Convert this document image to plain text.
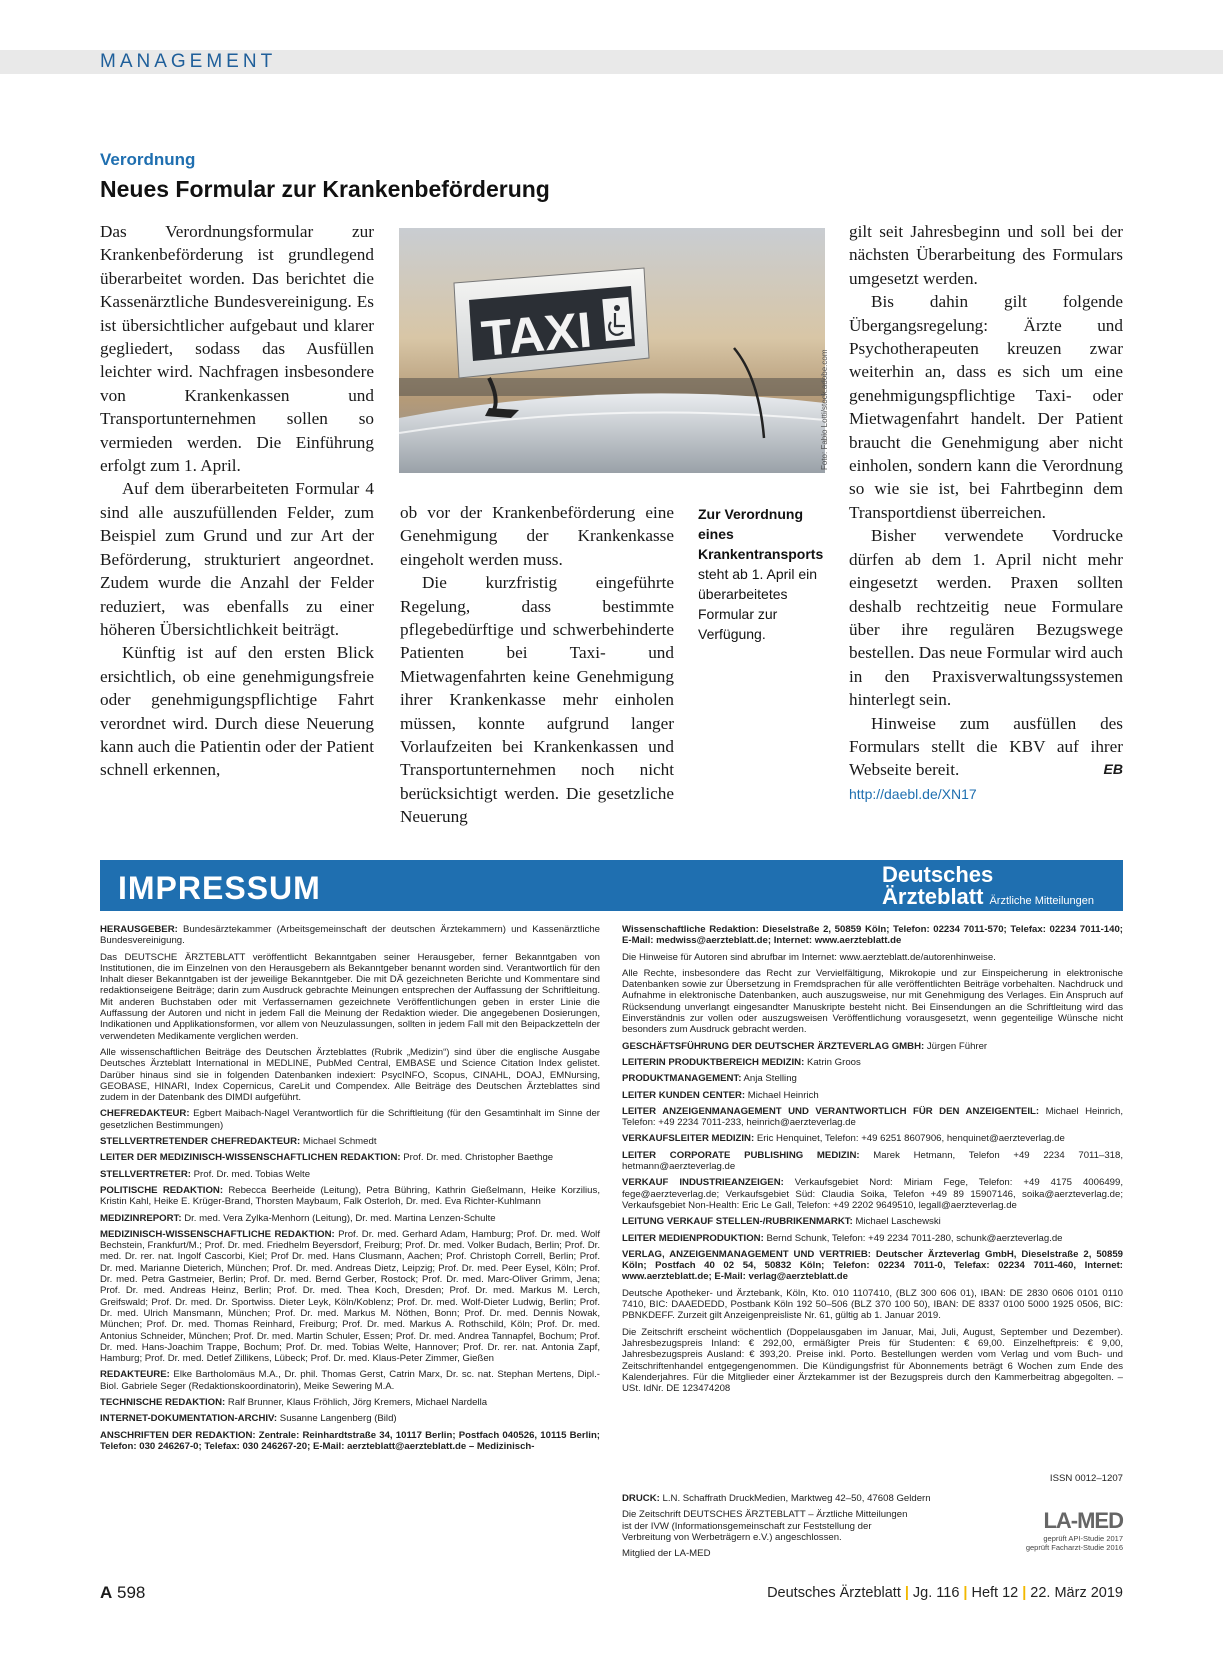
MANAGEMENT
Verordnung
Neues Formular zur Krankenbeförderung

Das Verordnungsformular zur Krankenbeförderung ist grundlegend überarbeitet worden. Das berichtet die Kassenärztliche Bundesvereinigung. Es ist übersichtlicher aufgebaut und klarer gegliedert, sodass das Ausfüllen leichter wird. Nachfragen insbesondere von Krankenkassen und Transportunternehmen sollen so vermieden werden. Die Einführung erfolgt zum 1. April.

Auf dem überarbeiteten Formular 4 sind alle auszufüllenden Felder, zum Beispiel zum Grund und zur Art der Beförderung, strukturiert angeordnet. Zudem wurde die Anzahl der Felder reduziert, was ebenfalls zu einer höheren Übersichtlichkeit beiträgt.

Künftig ist auf den ersten Blick ersichtlich, ob eine genehmigungsfreie oder genehmigungspflichtige Fahrt verordnet wird. Durch diese Neuerung kann auch die Patientin oder der Patient schnell erkennen,

TAXI
Foto: Fabio Lotti/stock.adobe.com

ob vor der Krankenbeförderung eine Genehmigung der Krankenkasse eingeholt werden muss.

Die kurzfristig eingeführte Regelung, dass bestimmte pflegebedürftige und schwerbehinderte Patienten bei Taxi- und Mietwagenfahrten keine Genehmigung ihrer Krankenkasse mehr einholen müssen, konnte aufgrund langer Vorlaufzeiten bei Krankenkassen und Transportunternehmen noch nicht berücksichtigt werden. Die gesetzliche Neuerung

Zur Verordnung eines Krankentransports steht ab 1. April ein überarbeitetes Formular zur Verfügung.

gilt seit Jahresbeginn und soll bei der nächsten Überarbeitung des Formulars umgesetzt werden.

Bis dahin gilt folgende Übergangsregelung: Ärzte und Psychotherapeuten kreuzen zwar weiterhin an, dass es sich um eine genehmigungspflichtige Taxi- oder Mietwagenfahrt handelt. Der Patient braucht die Genehmigung aber nicht einholen, sondern kann die Verordnung so wie sie ist, bei Fahrtbeginn dem Transportdienst überreichen.

Bisher verwendete Vordrucke dürfen ab dem 1. April nicht mehr eingesetzt werden. Praxen sollten deshalb rechtzeitig neue Formulare über ihre regulären Bezugswege bestellen. Das neue Formular wird auch in den Praxisverwaltungssystemen hinterlegt sein.

Hinweise zum ausfüllen des Formulars stellt die KBV auf ihrer Webseite bereit.	EB

http://daebl.de/XN17

IMPRESSUM	Deutsches
Ärzteblatt Ärztliche Mitteilungen

HERAUSGEBER: Bundesärztekammer (Arbeitsgemeinschaft der deutschen Ärztekammern) und Kassenärztliche Bundesvereinigung.

Das DEUTSCHE ÄRZTEBLATT veröffentlicht Bekanntgaben seiner Herausgeber, ferner Bekanntgaben von Institutionen, die im Einzelnen von den Herausgebern als Bekanntgeber benannt worden sind. Verantwortlich für den Inhalt dieser Bekanntgaben ist der jeweilige Bekanntgeber. Die mit DÄ gezeichneten Berichte und Kommentare sind redaktionseigene Beiträge; darin zum Ausdruck gebrachte Meinungen entsprechen der Auffassung der Schriftleitung. Mit anderen Buchstaben oder mit Verfassernamen gezeichnete Veröffentlichungen geben in erster Linie die Auffassung der Autoren und nicht in jedem Fall die Meinung der Redaktion wieder. Die angegebenen Dosierungen, Indikationen und Applikationsformen, vor allem von Neuzulassungen, sollten in jedem Fall mit den Beipackzetteln der verwendeten Medikamente verglichen werden.

Alle wissenschaftlichen Beiträge des Deutschen Ärzteblattes (Rubrik „Medizin“) sind über die englische Ausgabe Deutsches Ärzteblatt International in MEDLINE, PubMed Central, EMBASE und Science Citation Index gelistet. Darüber hinaus sind sie in folgenden Datenbanken indexiert: PsycINFO, Scopus, CINAHL, DOAJ, EMNursing, GEOBASE, HINARI, Index Copernicus, CareLit und Compendex. Alle Beiträge des Deutschen Ärzteblattes sind zudem in der Datenbank des DIMDI aufgeführt.

CHEFREDAKTEUR: Egbert Maibach-Nagel Verantwortlich für die Schriftleitung (für den Gesamtinhalt im Sinne der gesetzlichen Bestimmungen)

STELLVERTRETENDER CHEFREDAKTEUR: Michael Schmedt

LEITER DER MEDIZINISCH-WISSENSCHAFTLICHEN REDAKTION: Prof. Dr. med. Christopher Baethge

STELLVERTRETER: Prof. Dr. med. Tobias Welte

POLITISCHE REDAKTION: Rebecca Beerheide (Leitung), Petra Bühring, Kathrin Gießelmann, Heike Korzilius, Kristin Kahl, Heike E. Krüger-Brand, Thorsten Maybaum, Falk Osterloh, Dr. med. Eva Richter-Kuhlmann

MEDIZINREPORT: Dr. med. Vera Zylka-Menhorn (Leitung), Dr. med. Martina Lenzen-Schulte

MEDIZINISCH-WISSENSCHAFTLICHE REDAKTION: Prof. Dr. med. Gerhard Adam, Hamburg; Prof. Dr. med. Wolf Bechstein, Frankfurt/M.; Prof. Dr. med. Friedhelm Beyersdorf, Freiburg; Prof. Dr. med. Volker Budach, Berlin; Prof. Dr. med. Dr. rer. nat. Ingolf Cascorbi, Kiel; Prof Dr. med. Hans Clusmann, Aachen; Prof. Christoph Correll, Berlin; Prof. Dr. med. Marianne Dieterich, München; Prof. Dr. med. Andreas Dietz, Leipzig; Prof. Dr. med. Peer Eysel, Köln; Prof. Dr. med. Petra Gastmeier, Berlin; Prof. Dr. med. Bernd Gerber, Rostock; Prof. Dr. med. Marc-Oliver Grimm, Jena; Prof. Dr. med. Andreas Heinz, Berlin; Prof. Dr. med. Thea Koch, Dresden; Prof. Dr. med. Markus M. Lerch, Greifswald; Prof. Dr. med. Dr. Sportwiss. Dieter Leyk, Köln/Koblenz; Prof. Dr. med. Wolf-Dieter Ludwig, Berlin; Prof. Dr. med. Ulrich Mansmann, München; Prof. Dr. med. Markus M. Nöthen, Bonn; Prof. Dr. med. Dennis Nowak, München; Prof. Dr. med. Thomas Reinhard, Freiburg; Prof. Dr. med. Markus A. Rothschild, Köln; Prof. Dr. med. Antonius Schneider, München; Prof. Dr. med. Martin Schuler, Essen; Prof. Dr. med. Andrea Tannapfel, Bochum; Prof. Dr. med. Hans-Joachim Trappe, Bochum; Prof. Dr. med. Tobias Welte, Hannover; Prof. Dr. rer. nat. Antonia Zapf, Hamburg; Prof. Dr. med. Detlef Zillikens, Lübeck; Prof. Dr. med. Klaus-Peter Zimmer, Gießen

REDAKTEURE: Elke Bartholomäus M.A., Dr. phil. Thomas Gerst, Catrin Marx, Dr. sc. nat. Stephan Mertens, Dipl.-Biol. Gabriele Seger (Redaktionskoordinatorin), Meike Sewering M.A.

TECHNISCHE REDAKTION: Ralf Brunner, Klaus Fröhlich, Jörg Kremers, Michael Nardella

INTERNET-DOKUMENTATION-ARCHIV: Susanne Langenberg (Bild)

ANSCHRIFTEN DER REDAKTION: Zentrale: Reinhardtstraße 34, 10117 Berlin; Postfach 040526, 10115 Berlin; Telefon: 030 246267-0; Telefax: 030 246267-20; E-Mail: aerzteblatt@aerzteblatt.de – Medizinisch-

Wissenschaftliche Redaktion: Dieselstraße 2, 50859 Köln; Telefon: 02234 7011-570; Telefax: 02234 7011-140; E-Mail: medwiss@aerzteblatt.de; Internet: www.aerzteblatt.de

Die Hinweise für Autoren sind abrufbar im Internet: www.aerzteblatt.de/autorenhinweise.

Alle Rechte, insbesondere das Recht zur Vervielfältigung, Mikrokopie und zur Einspeicherung in elektronische Datenbanken sowie zur Übersetzung in Fremdsprachen für alle veröffentlichten Beiträge vorbehalten. Nachdruck und Aufnahme in elektronische Datenbanken, auch auszugsweise, nur mit Genehmigung des Verlages. Ein Anspruch auf Rücksendung unverlangt eingesandter Manuskripte besteht nicht. Bei Einsendungen an die Schriftleitung wird das Einverständnis zur vollen oder auszugsweisen Veröffentlichung vorausgesetzt, wenn gegenteilige Wünsche nicht besonders zum Ausdruck gebracht werden.

GESCHÄFTSFÜHRUNG DER DEUTSCHER ÄRZTEVERLAG GMBH: Jürgen Führer

LEITERIN PRODUKTBEREICH MEDIZIN: Katrin Groos

PRODUKTMANAGEMENT: Anja Stelling

LEITER KUNDEN CENTER: Michael Heinrich

LEITER ANZEIGENMANAGEMENT UND VERANTWORTLICH FÜR DEN ANZEIGENTEIL: Michael Heinrich, Telefon: +49 2234 7011-233, heinrich@aerzteverlag.de

VERKAUFSLEITER MEDIZIN: Eric Henquinet, Telefon: +49 6251 8607906, henquinet@aerzteverlag.de

LEITER CORPORATE PUBLISHING MEDIZIN: Marek Hetmann, Telefon +49 2234 7011–318, hetmann@aerzteverlag.de

VERKAUF INDUSTRIEANZEIGEN: Verkaufsgebiet Nord: Miriam Fege, Telefon: +49 4175 4006499, fege@aerzteverlag.de; Verkaufsgebiet Süd: Claudia Soika, Telefon +49 89 15907146, soika@aerzteverlag.de; Verkaufsgebiet Non-Health: Eric Le Gall, Telefon: +49 2202 9649510, legall@aerzteverlag.de

LEITUNG VERKAUF STELLEN-/RUBRIKENMARKT: Michael Laschewski

LEITER MEDIENPRODUKTION: Bernd Schunk, Telefon: +49 2234 7011-280, schunk@aerzteverlag.de

VERLAG, ANZEIGENMANAGEMENT UND VERTRIEB: Deutscher Ärzteverlag GmbH, Dieselstraße 2, 50859 Köln; Postfach 40 02 54, 50832 Köln; Telefon: 02234 7011-0, Telefax: 02234 7011-460, Internet: www.aerzteblatt.de; E-Mail: verlag@aerzteblatt.de

Deutsche Apotheker- und Ärztebank, Köln, Kto. 010 1107410, (BLZ 300 606 01), IBAN: DE 2830 0606 0101 0110 7410, BIC: DAAEDEDD, Postbank Köln 192 50–506 (BLZ 370 100 50), IBAN: DE 8337 0100 5000 1925 0506, BIC: PBNKDEFF. Zurzeit gilt Anzeigenpreisliste Nr. 61, gültig ab 1. Januar 2019.

Die Zeitschrift erscheint wöchentlich (Doppelausgaben im Januar, Mai, Juli, August, September und Dezember). Jahresbezugspreis Inland: € 292,00, ermäßigter Preis für Studenten: € 69,00. Einzelheftpreis: € 9,00, Jahresbezugspreis Ausland: € 393,20. Preise inkl. Porto. Bestellungen werden vom Verlag und vom Buch- und Zeitschriftenhandel entgegengenommen. Die Kündigungsfrist für Abonnements beträgt 6 Wochen zum Ende des Kalenderjahres. Für die Mitglieder einer Ärztekammer ist der Bezugspreis durch den Kammerbeitrag abgegolten. – USt. IdNr. DE 123474208

ISSN 0012–1207

DRUCK: L.N. Schaffrath DruckMedien, Marktweg 42–50, 47608 Geldern

Die Zeitschrift DEUTSCHES ÄRZTEBLATT – Ärztliche Mitteilungen ist der IVW (Informationsgemeinschaft zur Feststellung der Verbreitung von Werbeträgern e.V.) angeschlossen.

Mitglied der LA-MED

LA-MED
geprüft API-Studie 2017
geprüft Facharzt-Studie 2016
A 598	Deutsches Ärzteblatt | Jg. 116 | Heft 12 | 22. März 2019
